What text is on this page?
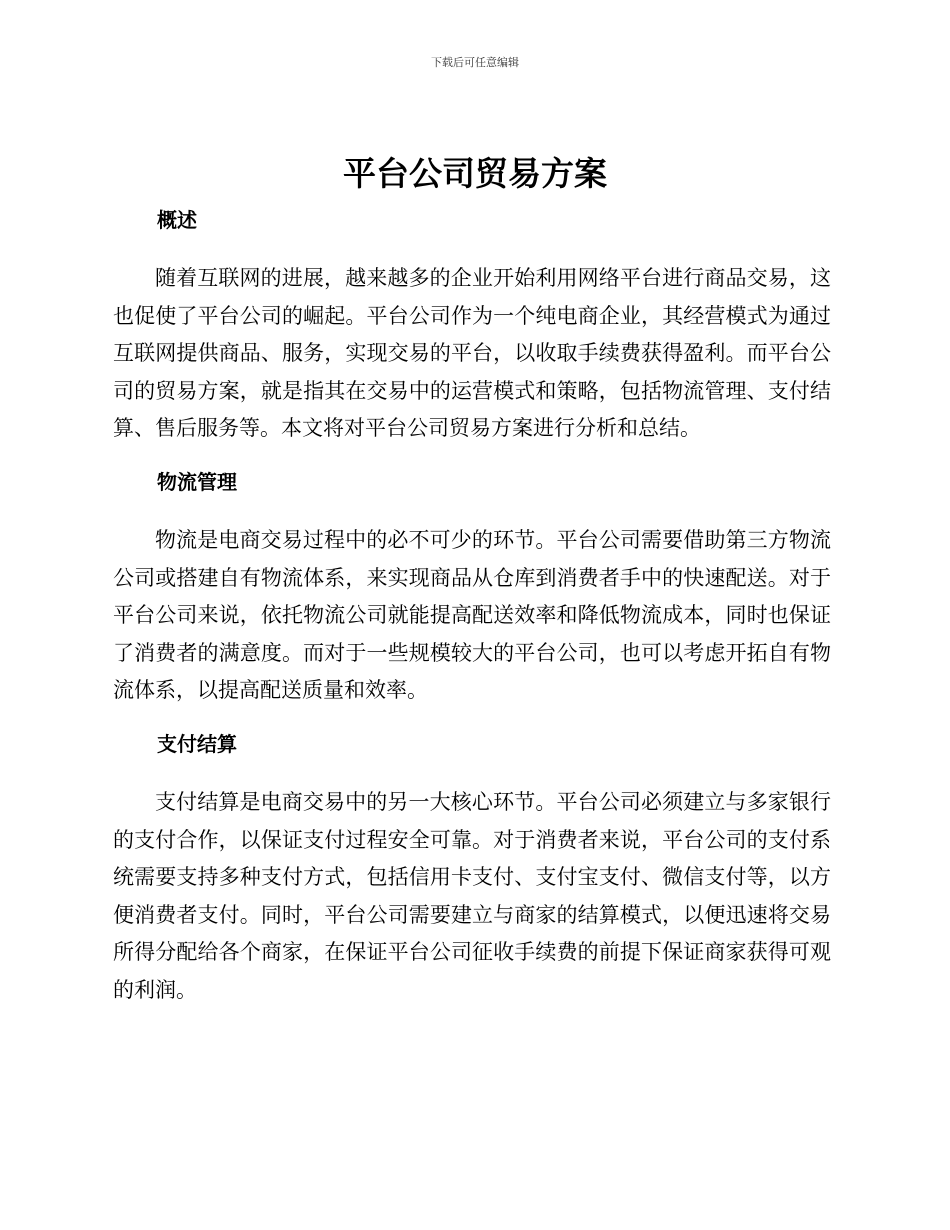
下载后可任意编辑
平台公司贸易方案
概述

随着互联网的进展，越来越多的企业开始利用网络平台进行商品交易，这也促使了平台公司的崛起。平台公司作为一个纯电商企业，其经营模式为通过互联网提供商品、服务，实现交易的平台，以收取手续费获得盈利。而平台公司的贸易方案，就是指其在交易中的运营模式和策略，包括物流管理、支付结算、售后服务等。本文将对平台公司贸易方案进行分析和总结。

物流管理

物流是电商交易过程中的必不可少的环节。平台公司需要借助第三方物流公司或搭建自有物流体系，来实现商品从仓库到消费者手中的快速配送。对于平台公司来说，依托物流公司就能提高配送效率和降低物流成本，同时也保证了消费者的满意度。而对于一些规模较大的平台公司，也可以考虑开拓自有物流体系，以提高配送质量和效率。

支付结算

支付结算是电商交易中的另一大核心环节。平台公司必须建立与多家银行的支付合作，以保证支付过程安全可靠。对于消费者来说，平台公司的支付系统需要支持多种支付方式，包括信用卡支付、支付宝支付、微信支付等，以方便消费者支付。同时，平台公司需要建立与商家的结算模式，以便迅速将交易所得分配给各个商家，在保证平台公司征收手续费的前提下保证商家获得可观的利润。
